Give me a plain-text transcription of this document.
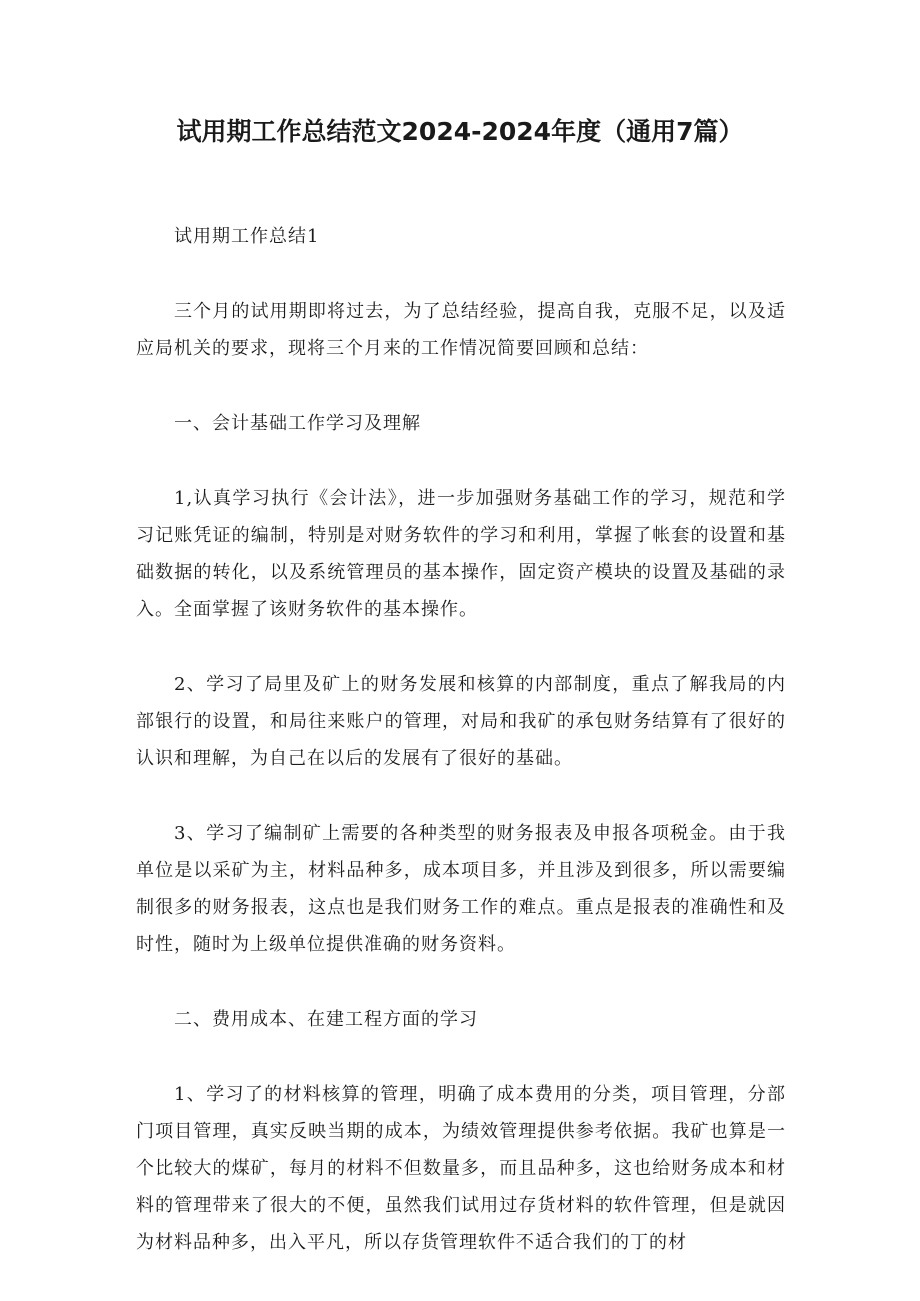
试用期工作总结范文2024-2024年度（通用7篇）

试用期工作总结1

三个月的试用期即将过去，为了总结经验，提高自我，克服不足，以及适应局机关的要求，现将三个月来的工作情况简要回顾和总结：

一、会计基础工作学习及理解

1,认真学习执行《会计法》，进一步加强财务基础工作的学习，规范和学习记账凭证的编制，特别是对财务软件的学习和利用，掌握了帐套的设置和基础数据的转化，以及系统管理员的基本操作，固定资产模块的设置及基础的录入。全面掌握了该财务软件的基本操作。

2、学习了局里及矿上的财务发展和核算的内部制度，重点了解我局的内部银行的设置，和局往来账户的管理，对局和我矿的承包财务结算有了很好的认识和理解，为自己在以后的发展有了很好的基础。

3、学习了编制矿上需要的各种类型的财务报表及申报各项税金。由于我单位是以采矿为主，材料品种多，成本项目多，并且涉及到很多，所以需要编制很多的财务报表，这点也是我们财务工作的难点。重点是报表的准确性和及时性，随时为上级单位提供准确的财务资料。

二、费用成本、在建工程方面的学习

1、学习了的材料核算的管理，明确了成本费用的分类，项目管理，分部门项目管理，真实反映当期的成本，为绩效管理提供参考依据。我矿也算是一个比较大的煤矿，每月的材料不但数量多，而且品种多，这也给财务成本和材料的管理带来了很大的不便，虽然我们试用过存货材料的软件管理，但是就因为材料品种多，出入平凡，所以存货管理软件不适合我们的丁的材
